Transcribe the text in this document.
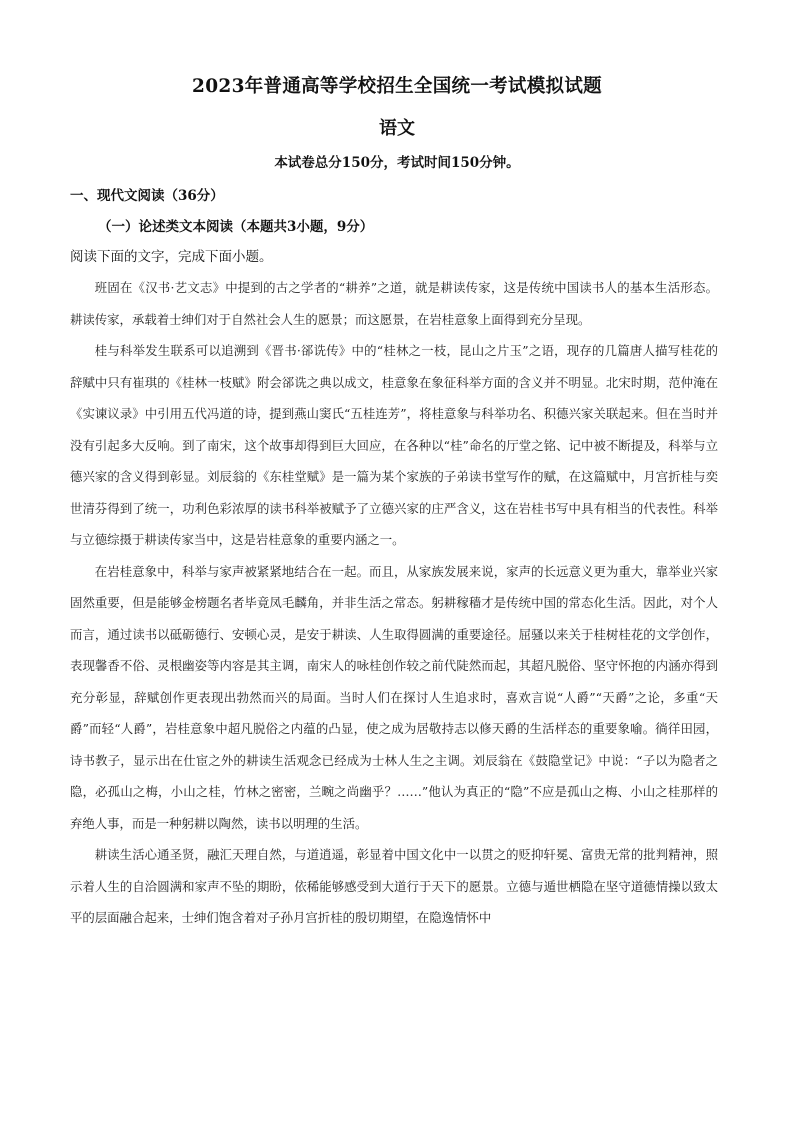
2023年普通高等学校招生全国统一考试模拟试题
语文
本试卷总分150分，考试时间150分钟。
一、现代文阅读（36分）
（一）论述类文本阅读（本题共3小题，9分）
阅读下面的文字，完成下面小题。

班固在《汉书·艺文志》中提到的古之学者的“耕养”之道，就是耕读传家，这是传统中国读书人的基本生活形态。耕读传家，承载着士绅们对于自然社会人生的愿景；而这愿景，在岩桂意象上面得到充分呈现。

桂与科举发生联系可以追溯到《晋书·郤诜传》中的“桂林之一枝，昆山之片玉”之语，现存的几篇唐人描写桂花的辞赋中只有崔琪的《桂林一枝赋》附会郤诜之典以成文，桂意象在象征科举方面的含义并不明显。北宋时期，范仲淹在《实谏议录》中引用五代冯道的诗，提到燕山窦氏“五桂连芳”，将桂意象与科举功名、积德兴家关联起来。但在当时并没有引起多大反响。到了南宋，这个故事却得到巨大回应，在各种以“桂”命名的厅堂之铭、记中被不断提及，科举与立德兴家的含义得到彰显。刘辰翁的《东桂堂赋》是一篇为某个家族的子弟读书堂写作的赋，在这篇赋中，月宫折桂与奕世清芬得到了统一，功利色彩浓厚的读书科举被赋予了立德兴家的庄严含义，这在岩桂书写中具有相当的代表性。科举与立德综摄于耕读传家当中，这是岩桂意象的重要内涵之一。

在岩桂意象中，科举与家声被紧紧地结合在一起。而且，从家族发展来说，家声的长远意义更为重大，靠举业兴家固然重要，但是能够金榜题名者毕竟凤毛麟角，并非生活之常态。躬耕稼穑才是传统中国的常态化生活。因此，对个人而言，通过读书以砥砺德行、安顿心灵，是安于耕读、人生取得圆满的重要途径。屈骚以来关于桂树桂花的文学创作，表现馨香不俗、灵根幽姿等内容是其主调，南宋人的咏桂创作较之前代陡然而起，其超凡脱俗、坚守怀抱的内涵亦得到充分彰显，辞赋创作更表现出勃然而兴的局面。当时人们在探讨人生追求时，喜欢言说“人爵”“天爵”之论，多重“天爵”而轻“人爵”，岩桂意象中超凡脱俗之内蕴的凸显，使之成为居敬持志以修天爵的生活样态的重要象喻。徜徉田园，诗书教子，显示出在仕宦之外的耕读生活观念已经成为士林人生之主调。刘辰翁在《鼓隐堂记》中说：“子以为隐者之隐，必孤山之梅，小山之桂，竹林之密密，兰畹之尚幽乎？……”他认为真正的“隐”不应是孤山之梅、小山之桂那样的弃绝人事，而是一种躬耕以陶然，读书以明理的生活。

耕读生活心通圣贤，融汇天理自然，与道逍遥，彰显着中国文化中一以贯之的贬抑轩冕、富贵无常的批判精神，照示着人生的自洽圆满和家声不坠的期盼，依稀能够感受到大道行于天下的愿景。立德与遁世栖隐在坚守道德情操以致太平的层面融合起来，士绅们饱含着对子孙月宫折桂的殷切期望，在隐逸情怀中
